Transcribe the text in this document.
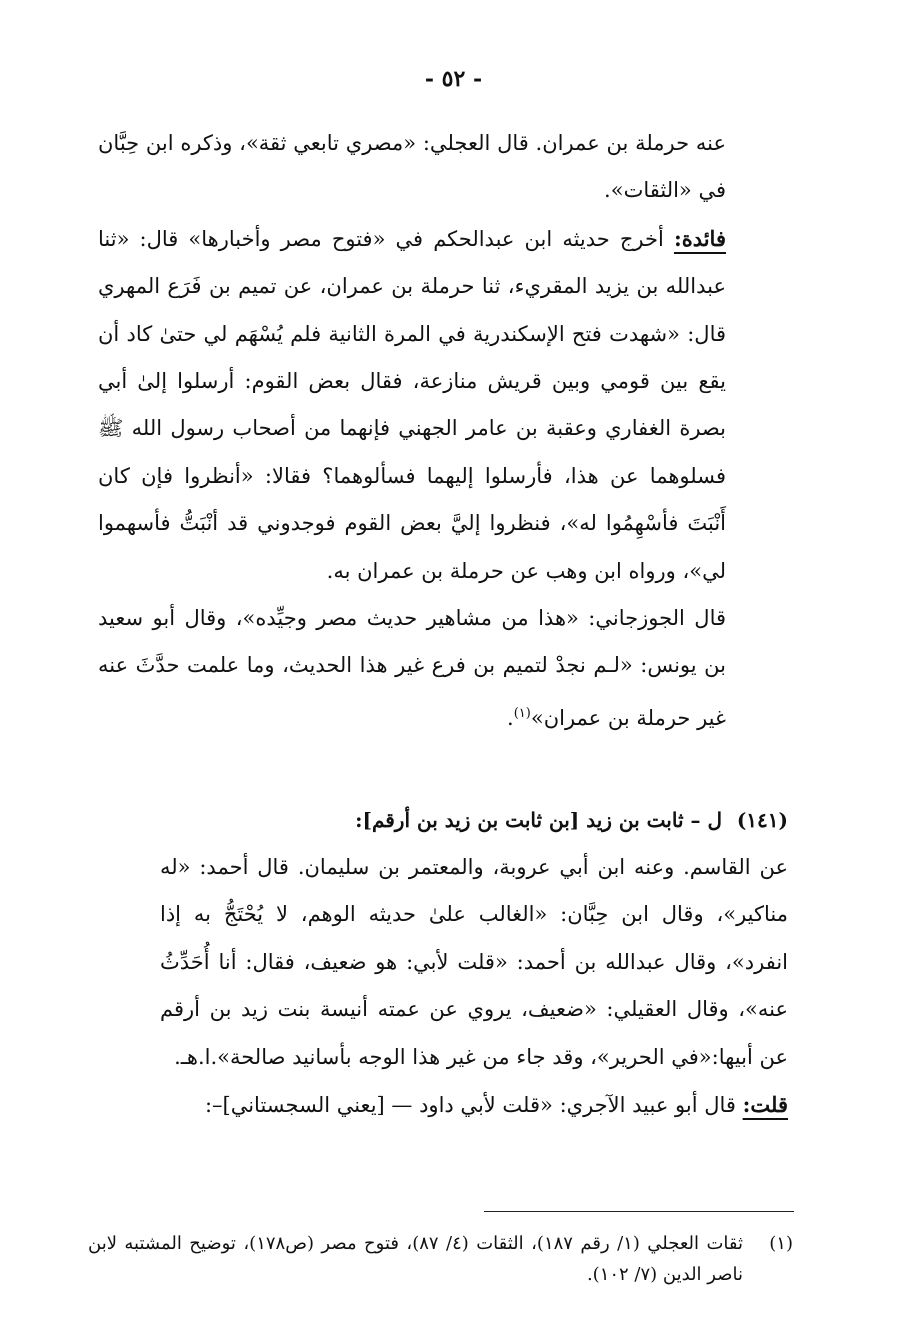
- ٥٢ -

عنه حرملة بن عمران. قال العجلي: «مصري تابعي ثقة»، وذكره ابن حِبَّان في «الثقات».

فائدة: أخرج حديثه ابن عبدالحكم في «فتوح مصر وأخبارها» قال: «ثنا عبدالله بن يزيد المقريء، ثنا حرملة بن عمران، عن تميم بن فَرَع المهري قال: «شهدت فتح الإسكندرية في المرة الثانية فلم يُسْهَم لي حتىٰ كاد أن يقع بين قومي وبين قريش منازعة، فقال بعض القوم: أرسلوا إلىٰ أبي بصرة الغفاري وعقبة بن عامر الجهني فإنهما من أصحاب رسول الله ﷺ فسلوهما عن هذا، فأرسلوا إليهما فسألوهما؟ فقالا: «أنظروا فإن كان أَنْبَتَ فأسْهِمُوا له»، فنظروا إليَّ بعض القوم فوجدوني قد أنْبَتُّ فأسهموا لي»، ورواه ابن وهب عن حرملة بن عمران به.

قال الجوزجاني: «هذا من مشاهير حديث مصر وجيِّده»، وقال أبو سعيد بن يونس: «لـم نجدْ لتميم بن فرع غير هذا الحديث، وما علمت حدَّثَ عنه غير حرملة بن عمران»$^{(١)}$.

(١٤١)
ل – ثابت بن زيد [بن ثابت بن زيد بن أرقم]:

عن القاسم. وعنه ابن أبي عروبة، والمعتمر بن سليمان. قال أحمد: «له مناكير»، وقال ابن حِبَّان: «الغالب علىٰ حديثه الوهم، لا يُحْتَجُّ به إذا انفرد»، وقال عبدالله بن أحمد: «قلت لأبي: هو ضعيف، فقال: أنا أُحَدِّثُ عنه»، وقال العقيلي: «ضعيف، يروي عن عمته أنيسة بنت زيد بن أرقم عن أبيها:«في الحرير»، وقد جاء من غير هذا الوجه بأسانيد صالحة».ا.هـ.

قلت: قال أبو عبيد الآجري: «قلت لأبي داود — [يعني السجستاني]–:

(١)
ثقات العجلي (١/ رقم ١٨٧)، الثقات (٤/ ٨٧)، فتوح مصر (ص١٧٨)، توضيح المشتبه لابن ناصر الدين (٧/ ١٠٢).
